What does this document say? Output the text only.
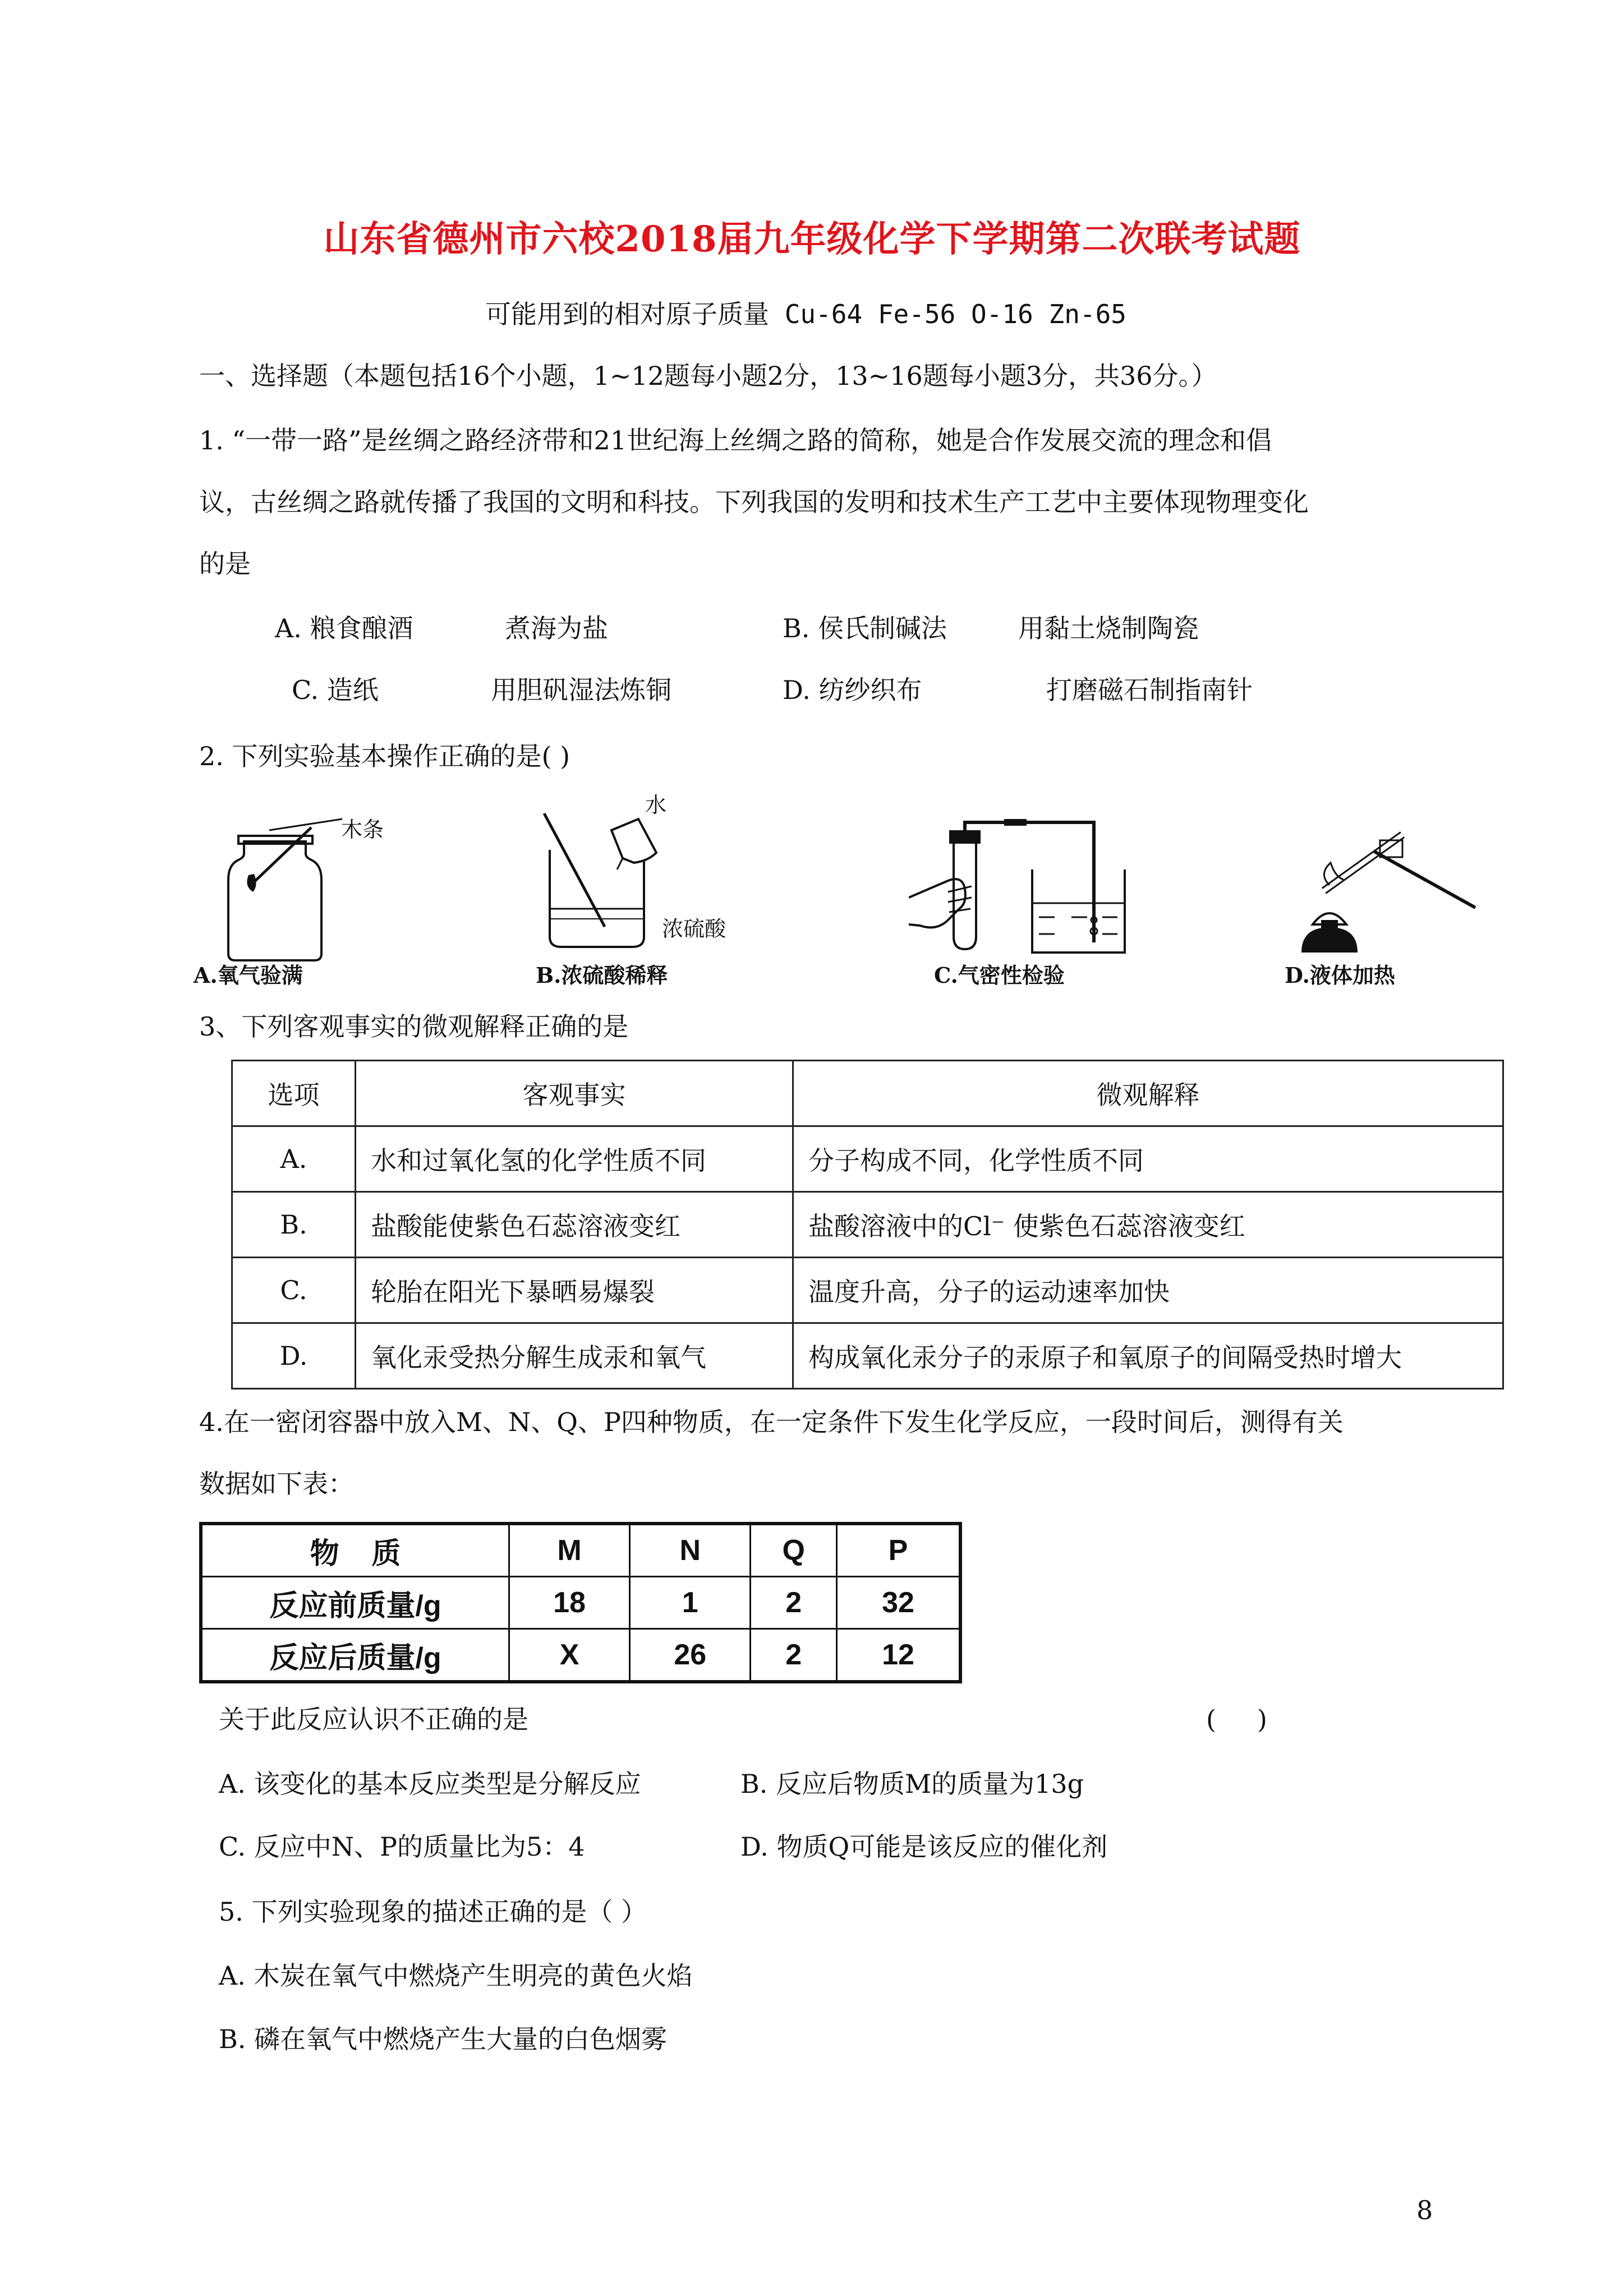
山东省德州市六校2018届九年级化学下学期第二次联考试题
可能用到的相对原子质量 Cu-64 Fe-56 O-16 Zn-65
一、选择题（本题包括16个小题，1~12题每小题2分，13~16题每小题3分，共36分。）
1. “一带一路”是丝绸之路经济带和21世纪海上丝绸之路的简称，她是合作发展交流的理念和倡
议，古丝绸之路就传播了我国的文明和科技。下列我国的发明和技术生产工艺中主要体现物理变化
的是
A. 粮食酿酒	煮海为盐	B. 侯氏制碱法	用黏土烧制陶瓷
C. 造纸	用胆矾湿法炼铜	D. 纺纱织布	打磨磁石制指南针
2. 下列实验基本操作正确的是( )
木条
A.氧气验满
水
浓硫酸
B.浓硫酸稀释	C.气密性检验	D.液体加热
3、下列客观事实的微观解释正确的是
选项	客观事实	微观解释
A.	水和过氧化氢的化学性质不同	分子构成不同，化学性质不同
B.	盐酸能使紫色石蕊溶液变红	盐酸溶液中的Cl⁻ 使紫色石蕊溶液变红
C.	轮胎在阳光下暴晒易爆裂	温度升高，分子的运动速率加快
D.	氧化汞受热分解生成汞和氧气	构成氧化汞分子的汞原子和氧原子的间隔受热时增大
4.在一密闭容器中放入M、N、Q、P四种物质，在一定条件下发生化学反应，一段时间后，测得有关
数据如下表：
物    质	M	N	Q	P
反应前质量/g	18	1	2	32
反应后质量/g	X	26	2	12
关于此反应认识不正确的是	(     )
A. 该变化的基本反应类型是分解反应	B. 反应后物质M的质量为13g
C. 反应中N、P的质量比为5：4	D. 物质Q可能是该反应的催化剂
5. 下列实验现象的描述正确的是（ ）
A. 木炭在氧气中燃烧产生明亮的黄色火焰
B. 磷在氧气中燃烧产生大量的白色烟雾
8
